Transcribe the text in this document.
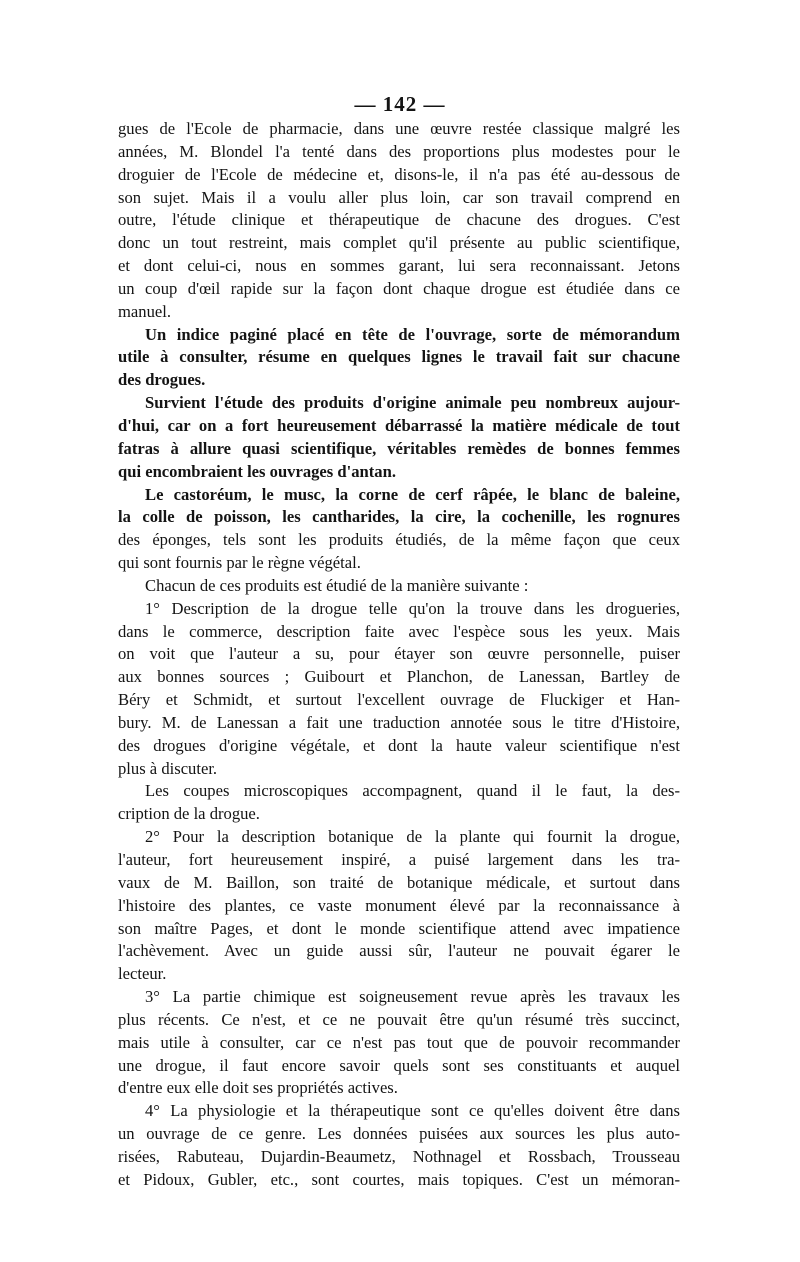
— 142 —
gues de l'Ecole de pharmacie, dans une œuvre restée classique malgré les
années, M. Blondel l'a tenté dans des proportions plus modestes pour le
droguier de l'Ecole de médecine et, disons-le, il n'a pas été au-dessous de
son sujet. Mais il a voulu aller plus loin, car son travail comprend en
outre, l'étude clinique et thérapeutique de chacune des drogues. C'est
donc un tout restreint, mais complet qu'il présente au public scientifique,
et dont celui-ci, nous en sommes garant, lui sera reconnaissant. Jetons
un coup d'œil rapide sur la façon dont chaque drogue est étudiée dans ce
manuel.
Un indice paginé placé en tête de l'ouvrage, sorte de mémorandum
utile à consulter, résume en quelques lignes le travail fait sur chacune
des drogues.
Survient l'étude des produits d'origine animale peu nombreux aujour-
d'hui, car on a fort heureusement débarrassé la matière médicale de tout
fatras à allure quasi scientifique, véritables remèdes de bonnes femmes
qui encombraient les ouvrages d'antan.
Le castoréum, le musc, la corne de cerf râpée, le blanc de baleine,
la colle de poisson, les cantharides, la cire, la cochenille, les rognures
des éponges, tels sont les produits étudiés, de la même façon que ceux
qui sont fournis par le règne végétal.
Chacun de ces produits est étudié de la manière suivante :
1° Description de la drogue telle qu'on la trouve dans les drogueries,
dans le commerce, description faite avec l'espèce sous les yeux. Mais
on voit que l'auteur a su, pour étayer son œuvre personnelle, puiser
aux bonnes sources ; Guibourt et Planchon, de Lanessan, Bartley de
Béry et Schmidt, et surtout l'excellent ouvrage de Fluckiger et Han-
bury. M. de Lanessan a fait une traduction annotée sous le titre d'Histoire,
des drogues d'origine végétale, et dont la haute valeur scientifique n'est
plus à discuter.
Les coupes microscopiques accompagnent, quand il le faut, la des-
cription de la drogue.
2° Pour la description botanique de la plante qui fournit la drogue,
l'auteur, fort heureusement inspiré, a puisé largement dans les tra-
vaux de M. Baillon, son traité de botanique médicale, et surtout dans
l'histoire des plantes, ce vaste monument élevé par la reconnaissance à
son maître Pages, et dont le monde scientifique attend avec impatience
l'achèvement. Avec un guide aussi sûr, l'auteur ne pouvait égarer le
lecteur.
3° La partie chimique est soigneusement revue après les travaux les
plus récents. Ce n'est, et ce ne pouvait être qu'un résumé très succinct,
mais utile à consulter, car ce n'est pas tout que de pouvoir recommander
une drogue, il faut encore savoir quels sont ses constituants et auquel
d'entre eux elle doit ses propriétés actives.
4° La physiologie et la thérapeutique sont ce qu'elles doivent être dans
un ouvrage de ce genre. Les données puisées aux sources les plus auto-
risées, Rabuteau, Dujardin-Beaumetz, Nothnagel et Rossbach, Trousseau
et Pidoux, Gubler, etc., sont courtes, mais topiques. C'est un mémoran-
